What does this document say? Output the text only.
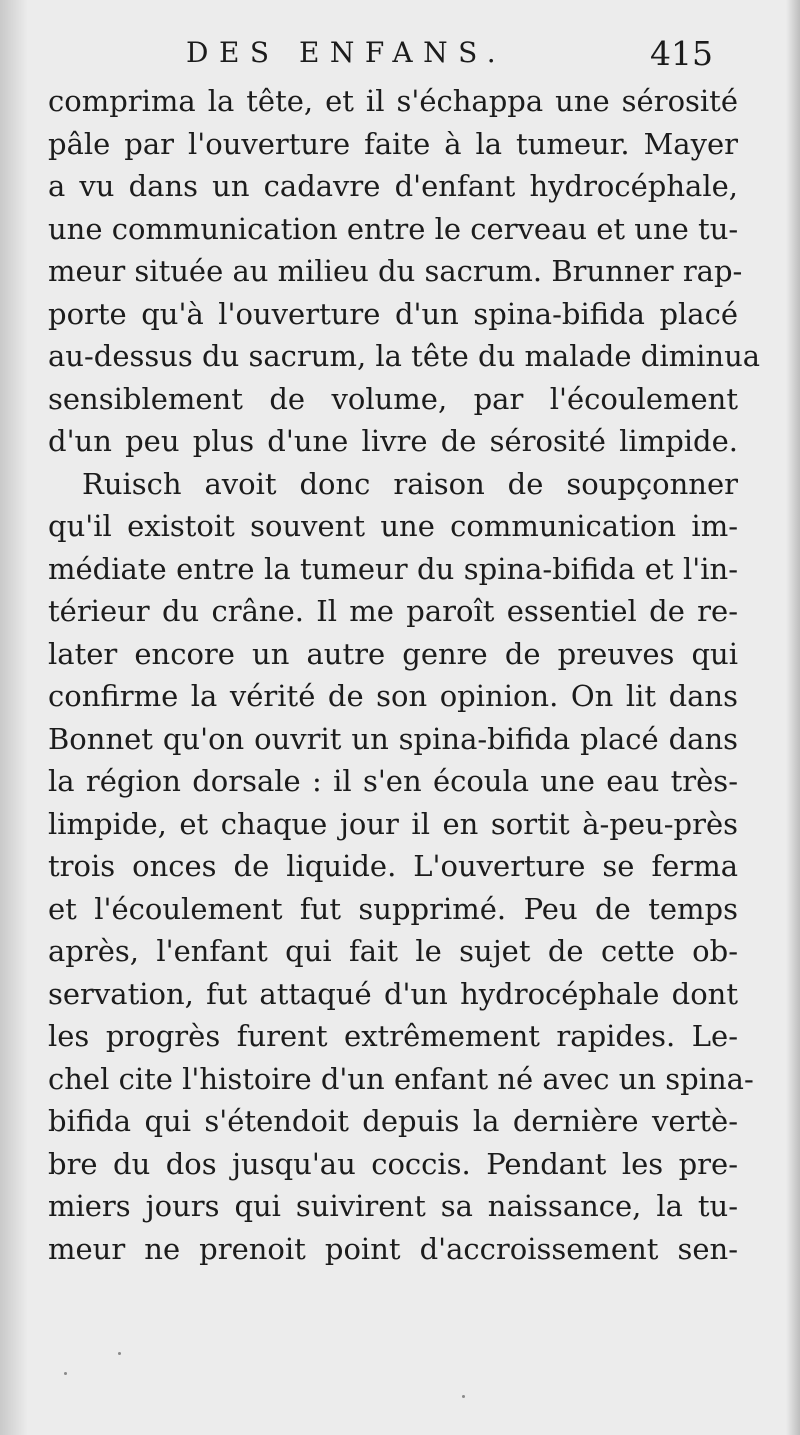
DES ENFANS.	415
comprima la tête, et il s'échappa une sérosité
pâle par l'ouverture faite à la tumeur. Mayer
a vu dans un cadavre d'enfant hydrocéphale,
une communication entre le cerveau et une tu-
meur située au milieu du sacrum. Brunner rap-
porte qu'à l'ouverture d'un spina-bifida placé
au-dessus du sacrum, la tête du malade diminua
sensiblement de volume, par l'écoulement
d'un peu plus d'une livre de sérosité limpide.
Ruisch avoit donc raison de soupçonner
qu'il existoit souvent une communication im-
médiate entre la tumeur du spina-bifida et l'in-
térieur du crâne. Il me paroît essentiel de re-
later encore un autre genre de preuves qui
confirme la vérité de son opinion. On lit dans
Bonnet qu'on ouvrit un spina-bifida placé dans
la région dorsale : il s'en écoula une eau très-
limpide, et chaque jour il en sortit à-peu-près
trois onces de liquide. L'ouverture se ferma
et l'écoulement fut supprimé. Peu de temps
après, l'enfant qui fait le sujet de cette ob-
servation, fut attaqué d'un hydrocéphale dont
les progrès furent extrêmement rapides. Le-
chel cite l'histoire d'un enfant né avec un spina-
bifida qui s'étendoit depuis la dernière vertè-
bre du dos jusqu'au coccis. Pendant les pre-
miers jours qui suivirent sa naissance, la tu-
meur ne prenoit point d'accroissement sen-
